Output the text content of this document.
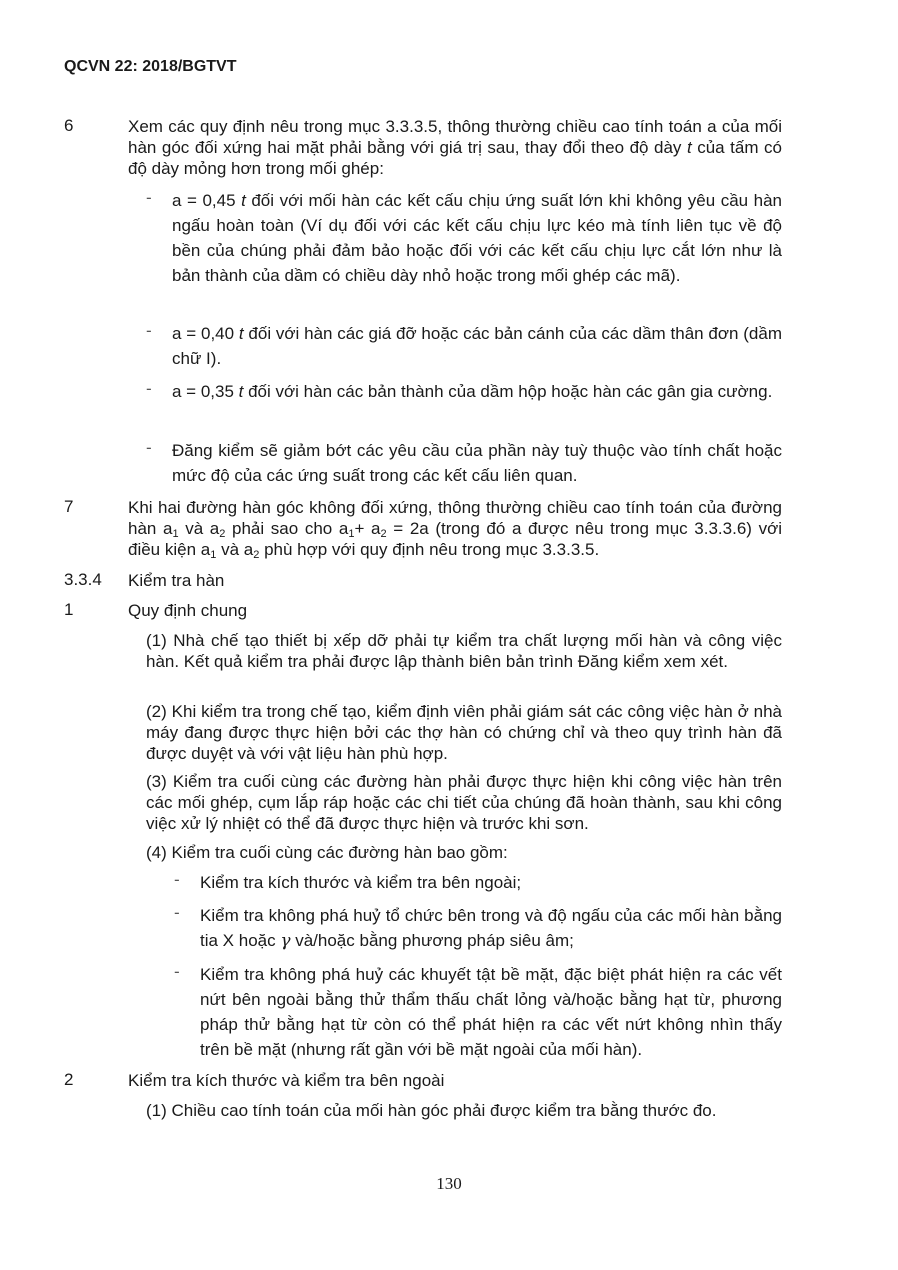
QCVN 22: 2018/BGTVT
6	Xem các quy định nêu trong mục 3.3.3.5, thông thường chiều cao tính toán a của mối hàn góc đối xứng hai mặt phải bằng với giá trị sau, thay đổi theo độ dày t của tấm có độ dày mỏng hơn trong mối ghép:
- a = 0,45 t đối với mối hàn các kết cấu chịu ứng suất lớn khi không yêu cầu hàn ngấu hoàn toàn (Ví dụ đối với các kết cấu chịu lực kéo mà tính liên tục về độ bền của chúng phải đảm bảo hoặc đối với các kết cấu chịu lực cắt lớn như là bản thành của dầm có chiều dày nhỏ hoặc trong mối ghép các mã).
- a = 0,40 t đối với hàn các giá đỡ hoặc các bản cánh của các dầm thân đơn (dầm chữ I).
- a = 0,35 t đối với hàn các bản thành của dầm hộp hoặc hàn các gân gia cường.
- Đăng kiểm sẽ giảm bớt các yêu cầu của phần này tuỳ thuộc vào tính chất hoặc mức độ của các ứng suất trong các kết cấu liên quan.
7	Khi hai đường hàn góc không đối xứng, thông thường chiều cao tính toán của đường hàn $a_1$ và $a_2$ phải sao cho $a_1+ a_2 = 2a$ (trong đó a được nêu trong mục 3.3.3.6) với điều kiện $a_1$ và $a_2$ phù hợp với quy định nêu trong mục 3.3.3.5.
3.3.4 Kiểm tra hàn
1	Quy định chung
(1) Nhà chế tạo thiết bị xếp dỡ phải tự kiểm tra chất lượng mối hàn và công việc hàn. Kết quả kiểm tra phải được lập thành biên bản trình Đăng kiểm xem xét.
(2) Khi kiểm tra trong chế tạo, kiểm định viên phải giám sát các công việc hàn ở nhà máy đang được thực hiện bởi các thợ hàn có chứng chỉ và theo quy trình hàn đã được duyệt và với vật liệu hàn phù hợp.
(3) Kiểm tra cuối cùng các đường hàn phải được thực hiện khi công việc hàn trên các mối ghép, cụm lắp ráp hoặc các chi tiết của chúng đã hoàn thành, sau khi công việc xử lý nhiệt có thể đã được thực hiện và trước khi sơn.
(4) Kiểm tra cuối cùng các đường hàn bao gồm:
- Kiểm tra kích thước và kiểm tra bên ngoài;
- Kiểm tra không phá huỷ tổ chức bên trong và độ ngấu của các mối hàn bằng tia X hoặc γ và/hoặc bằng phương pháp siêu âm;
- Kiểm tra không phá huỷ các khuyết tật bề mặt, đặc biệt phát hiện ra các vết nứt bên ngoài bằng thử thẩm thấu chất lỏng và/hoặc bằng hạt từ, phương pháp thử bằng hạt từ còn có thể phát hiện ra các vết nứt không nhìn thấy trên bề mặt (nhưng rất gần với bề mặt ngoài của mối hàn).
2	Kiểm tra kích thước và kiểm tra bên ngoài
(1) Chiều cao tính toán của mối hàn góc phải được kiểm tra bằng thước đo.
130
